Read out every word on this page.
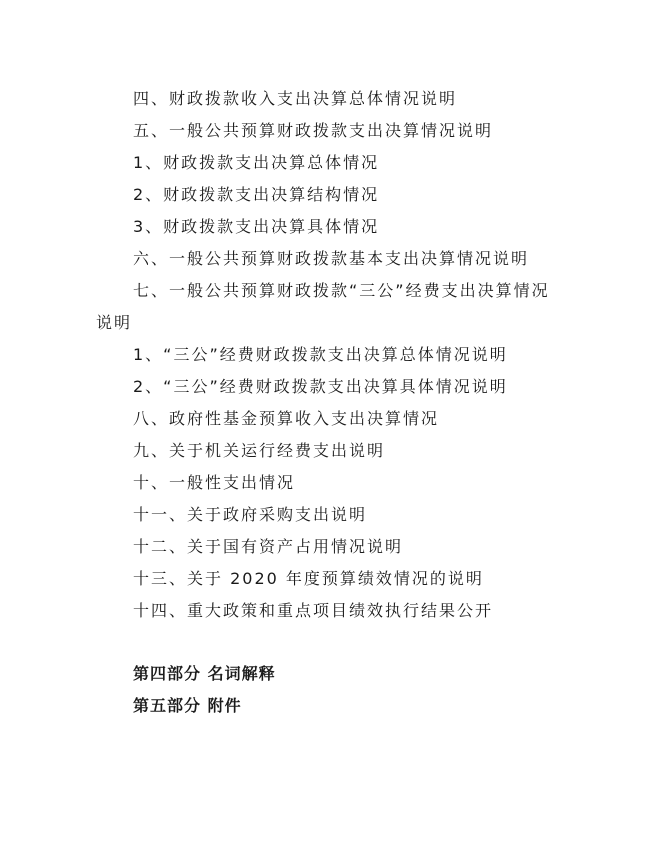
四、财政拨款收入支出决算总体情况说明
五、一般公共预算财政拨款支出决算情况说明
1、财政拨款支出决算总体情况
2、财政拨款支出决算结构情况
3、财政拨款支出决算具体情况
六、一般公共预算财政拨款基本支出决算情况说明
七、一般公共预算财政拨款“三公”经费支出决算情况说明
1、“三公”经费财政拨款支出决算总体情况说明
2、“三公”经费财政拨款支出决算具体情况说明
八、政府性基金预算收入支出决算情况
九、关于机关运行经费支出说明
十、一般性支出情况
十一、关于政府采购支出说明
十二、关于国有资产占用情况说明
十三、关于 2020 年度预算绩效情况的说明
十四、重大政策和重点项目绩效执行结果公开
第四部分 名词解释
第五部分 附件
